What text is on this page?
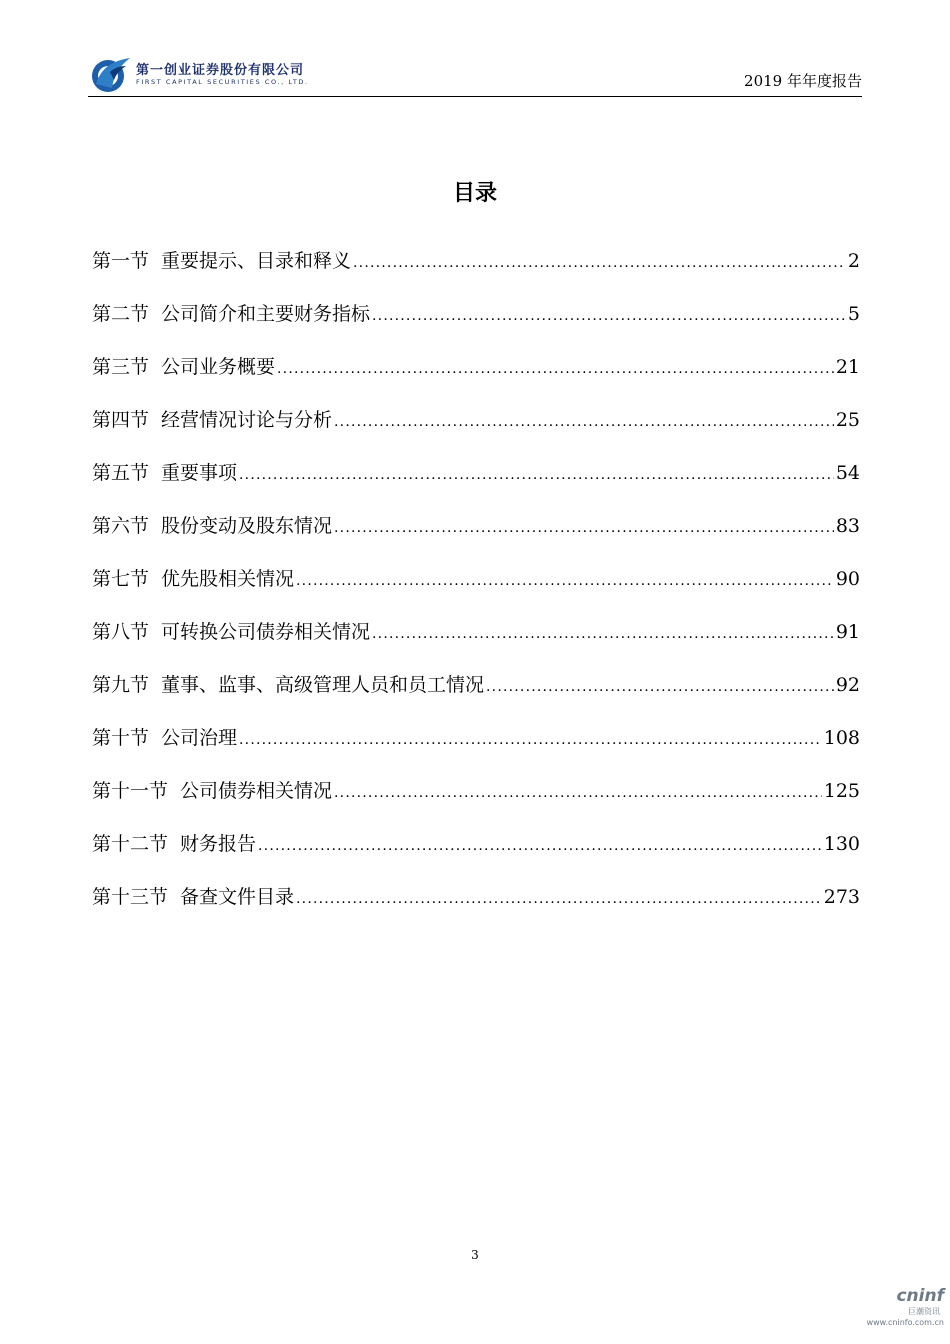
第一创业证券股份有限公司
FIRST CAPITAL SECURITIES CO., LTD.	2019 年年度报告
目录
第一节 重要提示、目录和释义 .....	2
第二节 公司简介和主要财务指标 .....	5
第三节 公司业务概要 .....	21
第四节 经营情况讨论与分析 .....	25
第五节 重要事项 .....	54
第六节 股份变动及股东情况 .....	83
第七节 优先股相关情况 .....	90
第八节 可转换公司债券相关情况 .....	91
第九节 董事、监事、高级管理人员和员工情况 .....	92
第十节 公司治理 .....	108
第十一节 公司债券相关情况 .....	125
第十二节 财务报告 .....	130
第十三节 备查文件目录 .....	273
3
cninf
巨潮资讯
www.cninfo.com.cn
